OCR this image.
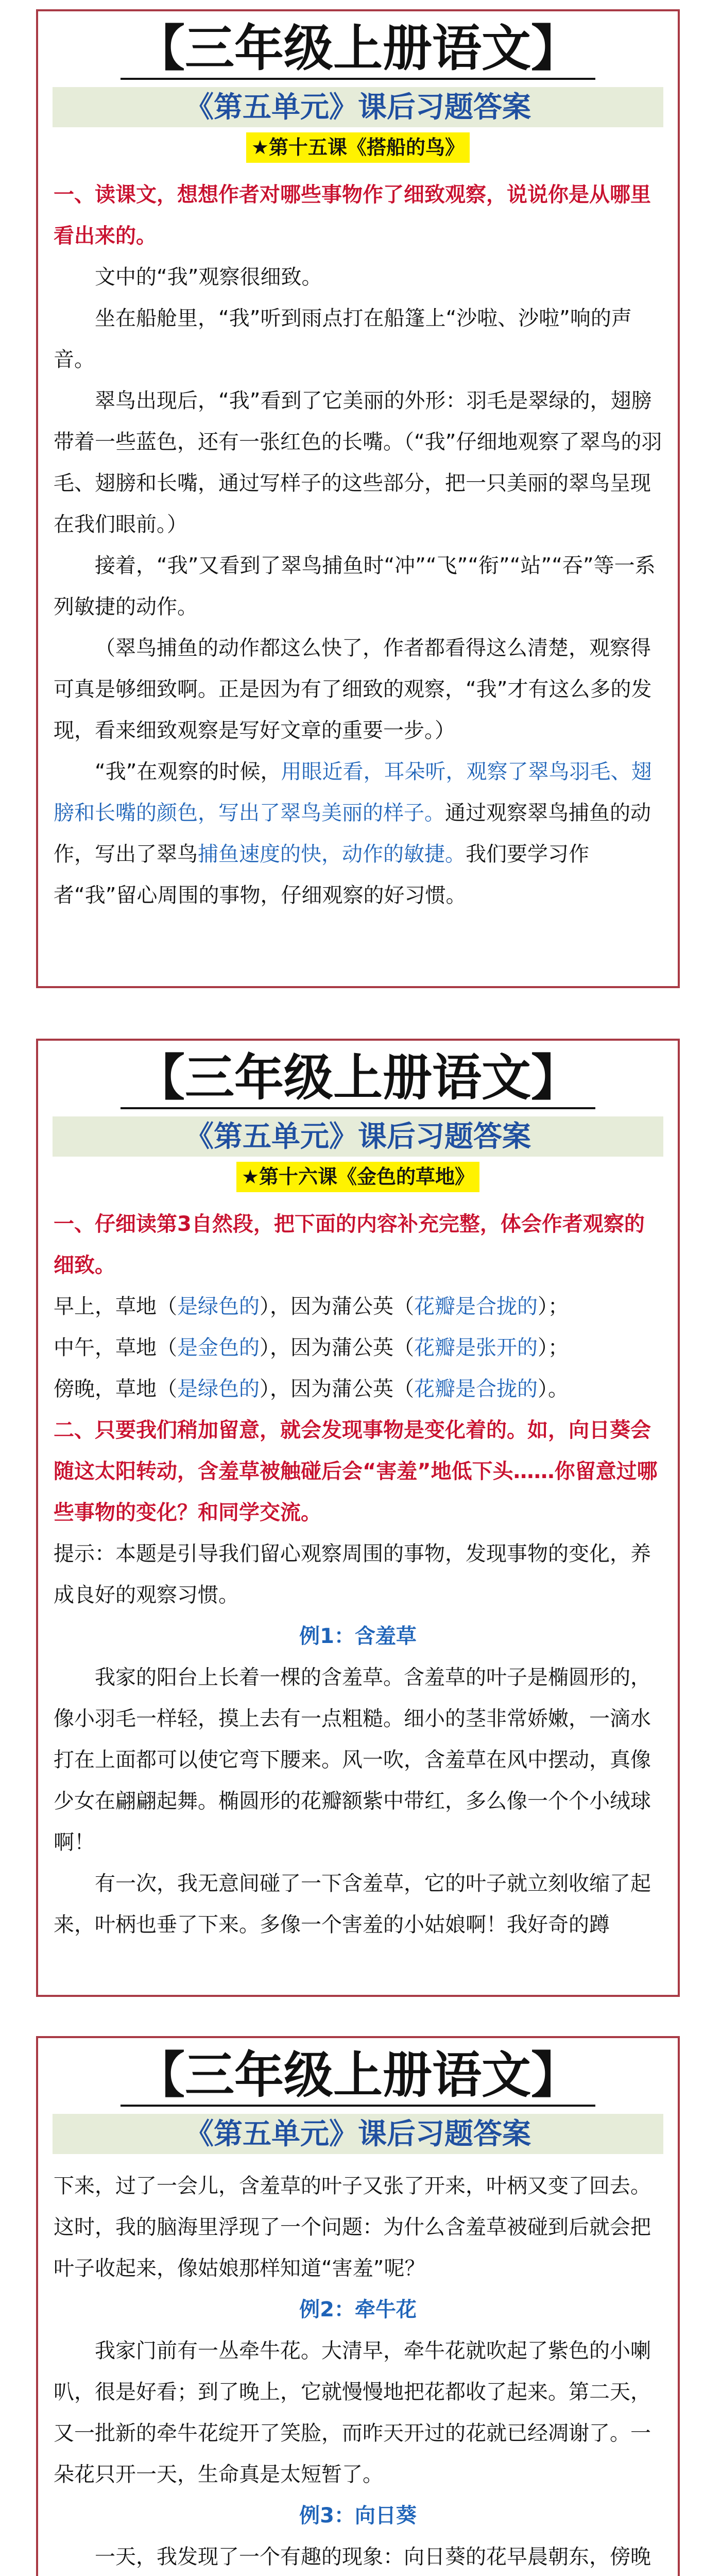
【三年级上册语文】
《第五单元》课后习题答案
★第十五课《搭船的鸟》

一、读课文，想想作者对哪些事物作了细致观察，说说你是从哪里看出来的。

文中的“我”观察很细致。

坐在船舱里，“我”听到雨点打在船篷上“沙啦、沙啦”响的声音。

翠鸟出现后，“我”看到了它美丽的外形：羽毛是翠绿的，翅膀带着一些蓝色，还有一张红色的长嘴。（“我”仔细地观察了翠鸟的羽毛、翅膀和长嘴，通过写样子的这些部分，把一只美丽的翠鸟呈现在我们眼前。）

接着，“我”又看到了翠鸟捕鱼时“冲”“飞”“衔”“站”“吞”等一系列敏捷的动作。

（翠鸟捕鱼的动作都这么快了，作者都看得这么清楚，观察得可真是够细致啊。正是因为有了细致的观察，“我”才有这么多的发现，看来细致观察是写好文章的重要一步。）

“我”在观察的时候，用眼近看，耳朵听，观察了翠鸟羽毛、翅膀和长嘴的颜色，写出了翠鸟美丽的样子。通过观察翠鸟捕鱼的动作，写出了翠鸟捕鱼速度的快，动作的敏捷。我们要学习作者“我”留心周围的事物，仔细观察的好习惯。

【三年级上册语文】
《第五单元》课后习题答案
★第十六课《金色的草地》

一、仔细读第3自然段，把下面的内容补充完整，体会作者观察的细致。

早上，草地（是绿色的），因为蒲公英（花瓣是合拢的）；

中午，草地（是金色的），因为蒲公英（花瓣是张开的）；

傍晚，草地（是绿色的），因为蒲公英（花瓣是合拢的）。

二、只要我们稍加留意，就会发现事物是变化着的。如，向日葵会随这太阳转动，含羞草被触碰后会“害羞”地低下头……你留意过哪些事物的变化？和同学交流。

提示：本题是引导我们留心观察周围的事物，发现事物的变化，养成良好的观察习惯。

例1：含羞草

我家的阳台上长着一棵的含羞草。含羞草的叶子是椭圆形的，像小羽毛一样轻，摸上去有一点粗糙。细小的茎非常娇嫩，一滴水打在上面都可以使它弯下腰来。风一吹，含羞草在风中摆动，真像少女在翩翩起舞。椭圆形的花瓣额紫中带红，多么像一个个小绒球啊！

有一次，我无意间碰了一下含羞草，它的叶子就立刻收缩了起来，叶柄也垂了下来。多像一个害羞的小姑娘啊！我好奇的蹲

【三年级上册语文】
《第五单元》课后习题答案

下来，过了一会儿，含羞草的叶子又张了开来，叶柄又变了回去。这时，我的脑海里浮现了一个问题：为什么含羞草被碰到后就会把叶子收起来，像姑娘那样知道“害羞”呢？

例2：牵牛花

我家门前有一丛牵牛花。大清早，牵牛花就吹起了紫色的小喇叭，很是好看；到了晚上，它就慢慢地把花都收了起来。第二天，又一批新的牵牛花绽开了笑脸，而昨天开过的花就已经凋谢了。一朵花只开一天，生命真是太短暂了。

例3：向日葵

一天，我发现了一个有趣的现象：向日葵的花早晨朝东，傍晚
